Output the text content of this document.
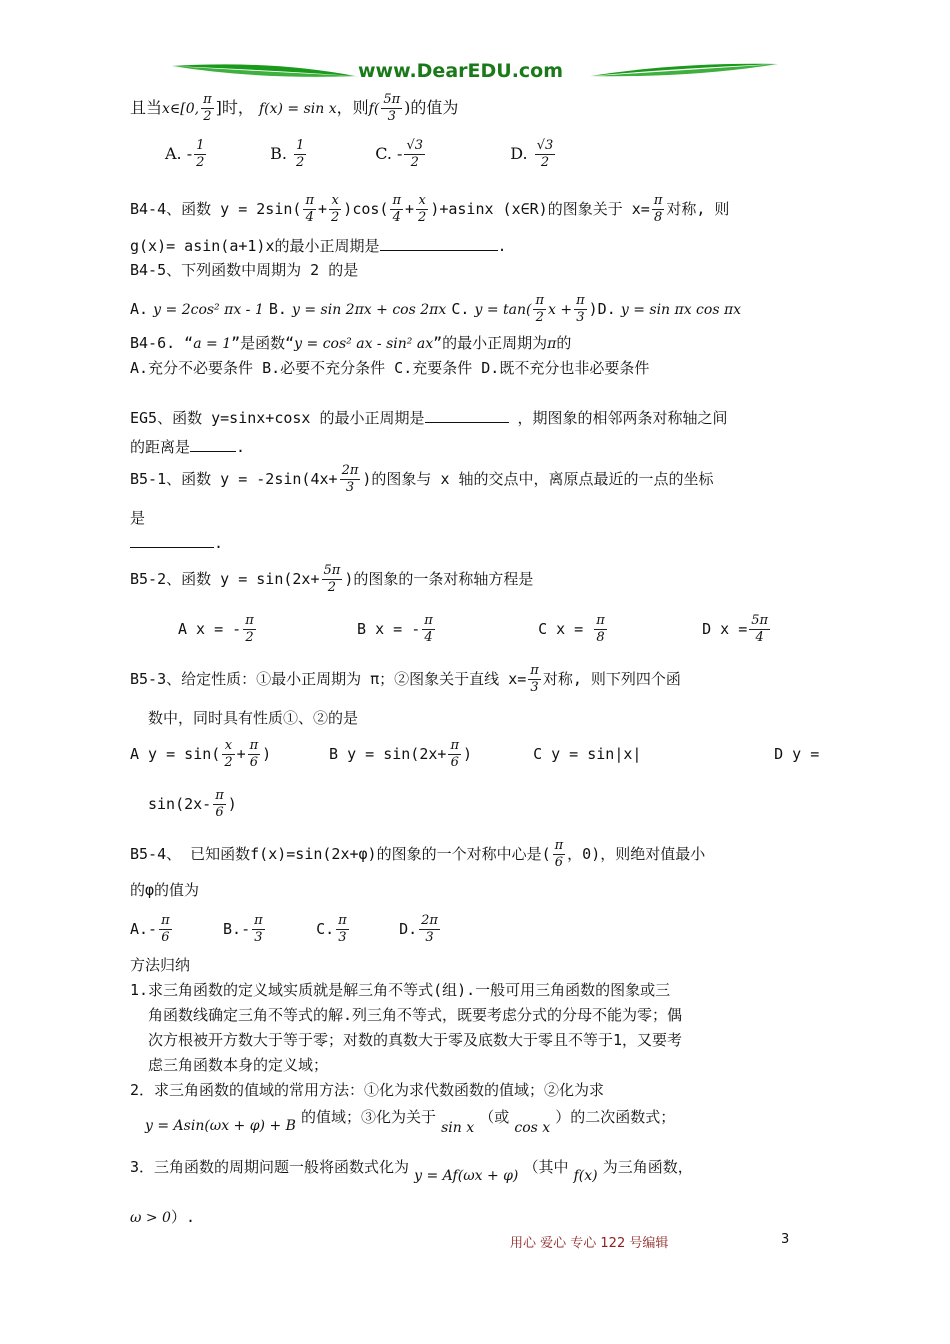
www.DearEDU.com
且当x∈[0, $\frac{\pi}{2}$ ]时， f(x) = sin x，则$f( \frac{5\pi}{3}$ )的值为
A. - $\frac{1}{2}$	B. $\frac{1}{2}$	C. - $\frac{√3}{2}$	D. $\frac{√3}{2}$
B4-4、函数 $y = 2\sin( \frac{\pi}{4} + \frac{x}{2} )\cos( \frac{\pi}{4} + \frac{x}{2} )+asinx$ (x∈R)的图象关于 $x= \frac{\pi}{8}$ 对称, 则
g(x)= asin(a+1)x的最小正周期是	.
B4-5、下列函数中周期为 2 的是
A. y = 2cos² πx - 1 B. y = sin 2πx + cos 2πx C. $y = \tan( \frac{\pi}{2}$ $x + \frac{\pi}{3} )D$. y = sin πx cos πx
B4-6. “a = 1”是函数“y = cos² ax - sin² ax”的最小正周期为π的
A.充分不必要条件 B.必要不充分条件 C.充要条件 D.既不充分也非必要条件
EG5、函数 y=sinx+cosx 的最小正周期是	，期图象的相邻两条对称轴之间
的距离是	.
B5-1、函数 $y = -2\sin(4x+ \frac{2\pi}{3}$ )的图象与 x 轴的交点中，离原点最近的一点的坐标
是
.
B5-2、函数 $y = \sin(2x+ \frac{5\pi}{2}$ )的图象的一条对称轴方程是
A x = - $\frac{\pi}{2}$	B x = - $\frac{\pi}{4}$	C $x = \frac{\pi}{8}$	D $x = \frac{5\pi}{4}$
B5-3、给定性质：①最小正周期为 π；②图象关于直线 $x= \frac{\pi}{3}$ 对称, 则下列四个函
数中，同时具有性质①、②的是
A $y = \sin( \frac{x}{2} + \frac{\pi}{6}$ )	B $y = \sin(2x+ \frac{\pi}{6}$ )	C y = sin|x|	D y =
$\sin(2x- \frac{\pi}{6}$ )
B5-4、 已知函数f(x)=sin(2x+φ)的图象的一个对称中心是( $\frac{\pi}{6}$ ，0)，则绝对值最小
的φ的值为
$A.- \frac{\pi}{6}$	$B.- \frac{\pi}{3}$	C. $\frac{\pi}{3}$	D. $\frac{2\pi}{3}$
方法归纳
1.求三角函数的定义域实质就是解三角不等式(组).一般可用三角函数的图象或三
角函数线确定三角不等式的解.列三角不等式，既要考虑分式的分母不能为零；偶
次方根被开方数大于等于零；对数的真数大于零及底数大于零且不等于1，又要考
虑三角函数本身的定义域；
2．求三角函数的值域的常用方法：①化为求代数函数的值域；②化为求
y = Asin(ωx + φ) + B 的值域；③化为关于 sin x （或 cos x ）的二次函数式；
3．三角函数的周期问题一般将函数式化为 y = Af(ωx + φ) （其中 f(x) 为三角函数，
ω > 0）.
用心 爱心 专心 122 号编辑	3
